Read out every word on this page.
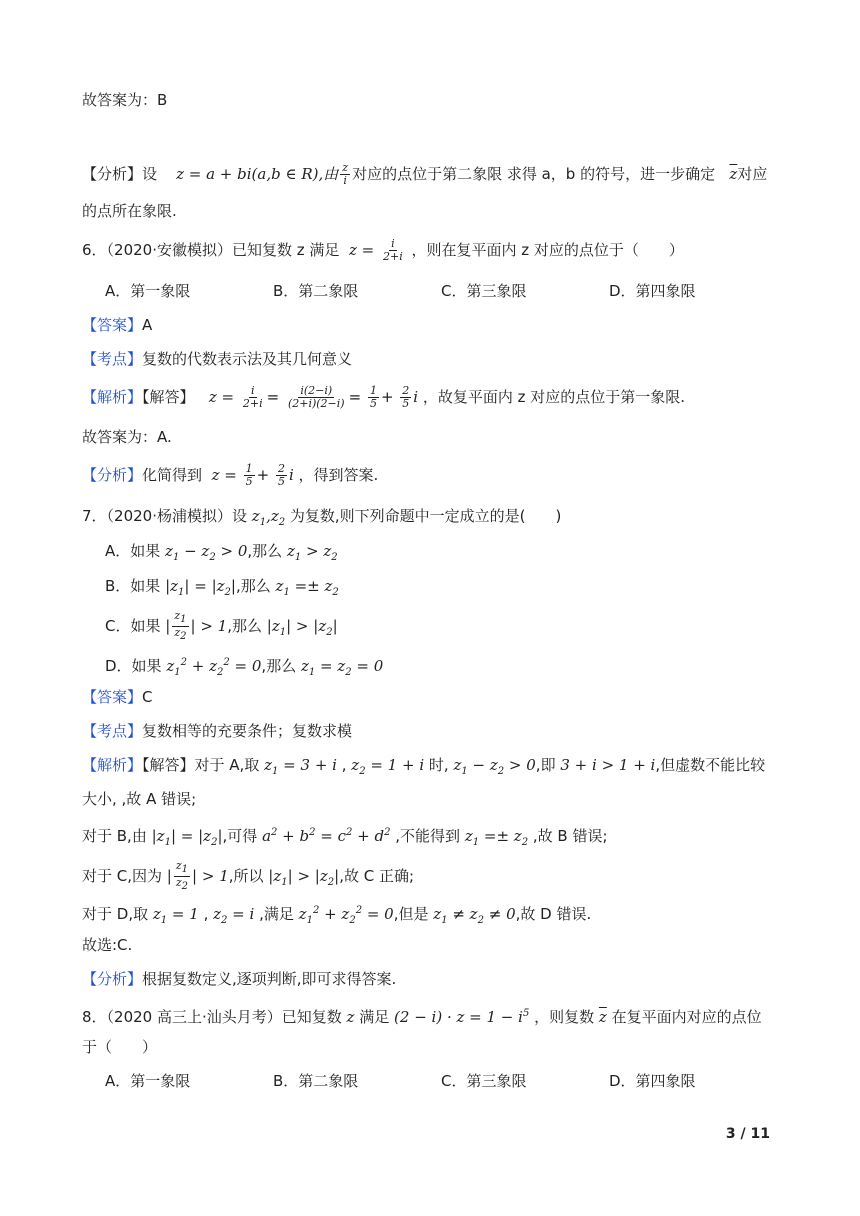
故答案为：B
【分析】设 z = a + bi(a,b ∈ R),由 $\frac{z}{i}$ 对应的点位于第二象限 求得 a，b 的符号，进一步确定 $\overline{z}$对应
的点所在象限.
6．（2020·安徽模拟）已知复数 z 满足 $z = \frac{i}{2+i}$ ，则在复平面内 z 对应的点位于（　　）
A．第一象限	B．第二象限	C．第三象限	D．第四象限
【答案】A
【考点】复数的代数表示法及其几何意义
【解析】【解答】 $z = \frac{i}{2+i} = \frac{i(2-i)}{(2+i)(2-i)} = \frac{1}{5} + \frac{2}{5}$ i ，故复平面内 z 对应的点位于第一象限.
故答案为：A.
【分析】化简得到 $z = \frac{1}{5} + \frac{2}{5}$ i ，得到答案.
7．（2020·杨浦模拟）设 $z_1,z_2$ 为复数,则下列命题中一定成立的是(　　)
A．如果 $z_1 - z_2 > 0$,那么 $z_1 > z_2$
B．如果 $|z_1| = |z_2|$,那么 $z_1 =\pm z_2$
C．如果 | $\frac{z_1}{z_2}$ | > 1,那么 $|z_1| > |z_2|$
D．如果 $z_1^2 + z_2^2 = 0$,那么 $z_1 = z_2 = 0$
【答案】C
【考点】复数相等的充要条件；复数求模
【解析】【解答】对于 A,取 $z_1 = 3 + i$ , $z_2 = 1 + i$ 时, $z_1 - z_2 > 0$,即 3 + i > 1 + i,但虚数不能比较
大小, ,故 A 错误;
对于 B,由 $|z_1| = |z_2|$,可得 $a^2 + b^2 = c^2 + d^2$ ,不能得到 $z_1 =\pm z_2$ ,故 B 错误;
对于 C,因为 | $\frac{z_1}{z_2}$ | > 1,所以 $|z_1| > |z_2|$,故 C 正确;
对于 D,取 $z_1 = 1$ , $z_2 = i$ ,满足 $z_1^2 + z_2^2 = 0$,但是 $z_1 \ne z_2 \ne 0$,故 D 错误.
故选:C.
【分析】根据复数定义,逐项判断,即可求得答案.
8．（2020 高三上·汕头月考）已知复数 z 满足 $(2 - i) \cdot z = 1 - i^5$ ，则复数 $\overline{z}$ 在复平面内对应的点位
于（　　）
A．第一象限	B．第二象限	C．第三象限	D．第四象限
3 / 11
